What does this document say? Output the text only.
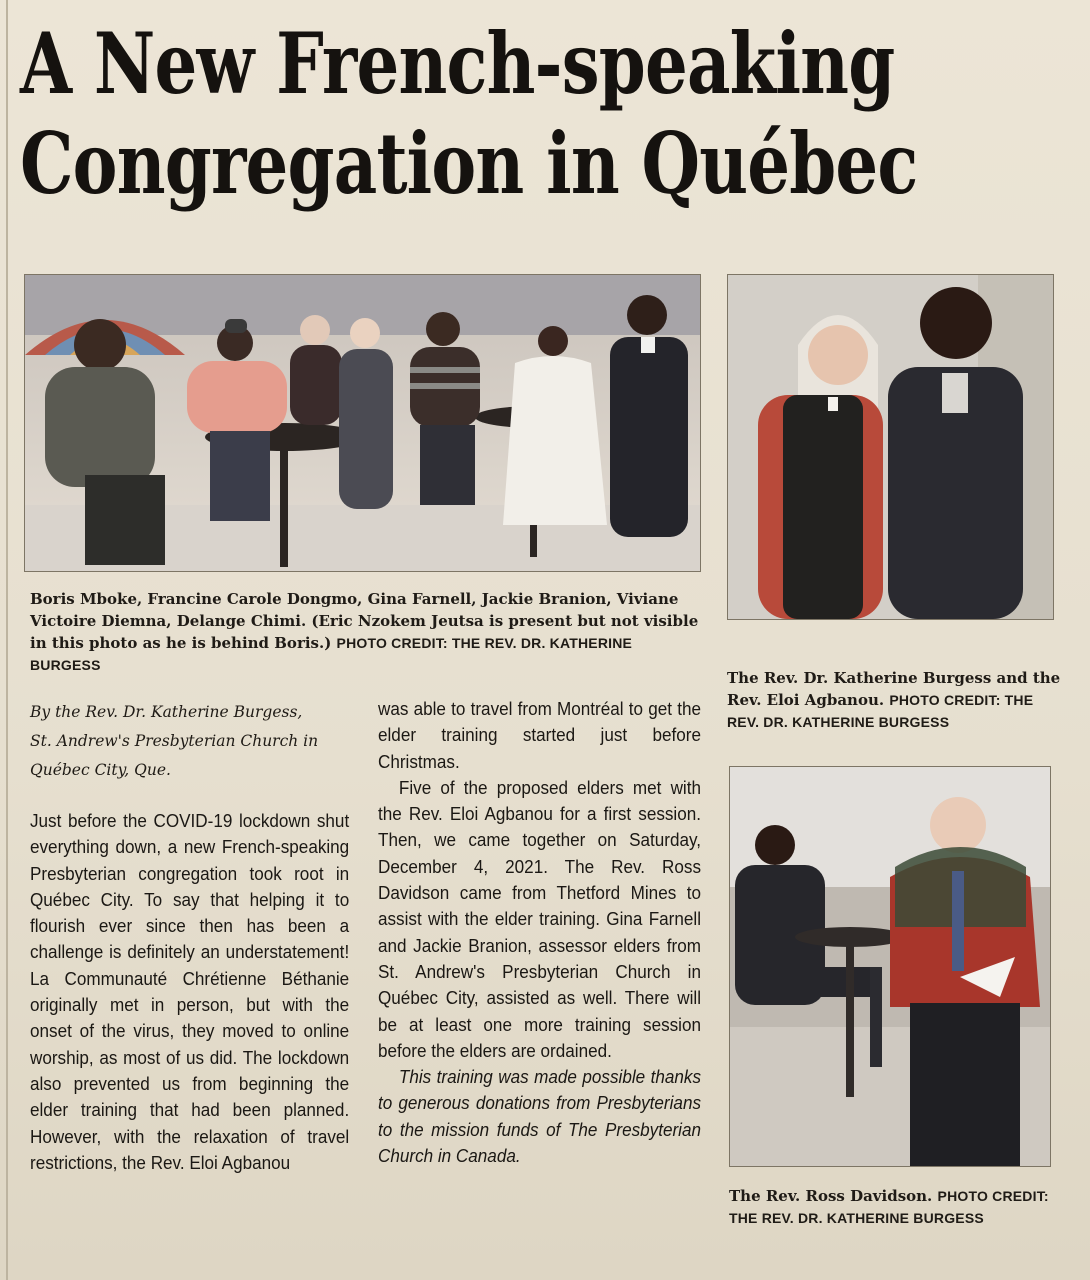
A New French-speaking
Congregation in Québec

Boris Mboke, Francine Carole Dongmo, Gina Farnell, Jackie Branion, Viviane Victoire Diemna, Delange Chimi. (Eric Nzokem Jeutsa is present but not visible in this photo as he is behind Boris.) PHOTO CREDIT: THE REV. DR. KATHERINE BURGESS

The Rev. Dr. Katherine Burgess and the Rev. Eloi Agbanou. PHOTO CREDIT: THE REV. DR. KATHERINE BURGESS

The Rev. Ross Davidson. PHOTO CREDIT: THE REV. DR. KATHERINE BURGESS

By the Rev. Dr. Katherine Burgess,
St. Andrew's Presbyterian Church in
Québec City, Que.

Just before the COVID-19 lockdown shut everything down, a new French-speaking Presbyterian congregation took root in Québec City. To say that helping it to flourish ever since then has been a challenge is definitely an understatement! La Communauté Chrétienne Béthanie originally met in person, but with the onset of the virus, they moved to online worship, as most of us did. The lockdown also prevented us from beginning the elder training that had been planned. However, with the relaxation of travel restrictions, the Rev. Eloi Agbanou

was able to travel from Montréal to get the elder training started just before Christmas.

Five of the proposed elders met with the Rev. Eloi Agbanou for a first session. Then, we came together on Saturday, December 4, 2021. The Rev. Ross Davidson came from Thetford Mines to assist with the elder training. Gina Farnell and Jackie Branion, assessor elders from St. Andrew's Presbyterian Church in Québec City, assisted as well. There will be at least one more training session before the elders are ordained.

This training was made possible thanks to generous donations from Presbyterians to the mission funds of The Presbyterian Church in Canada.
